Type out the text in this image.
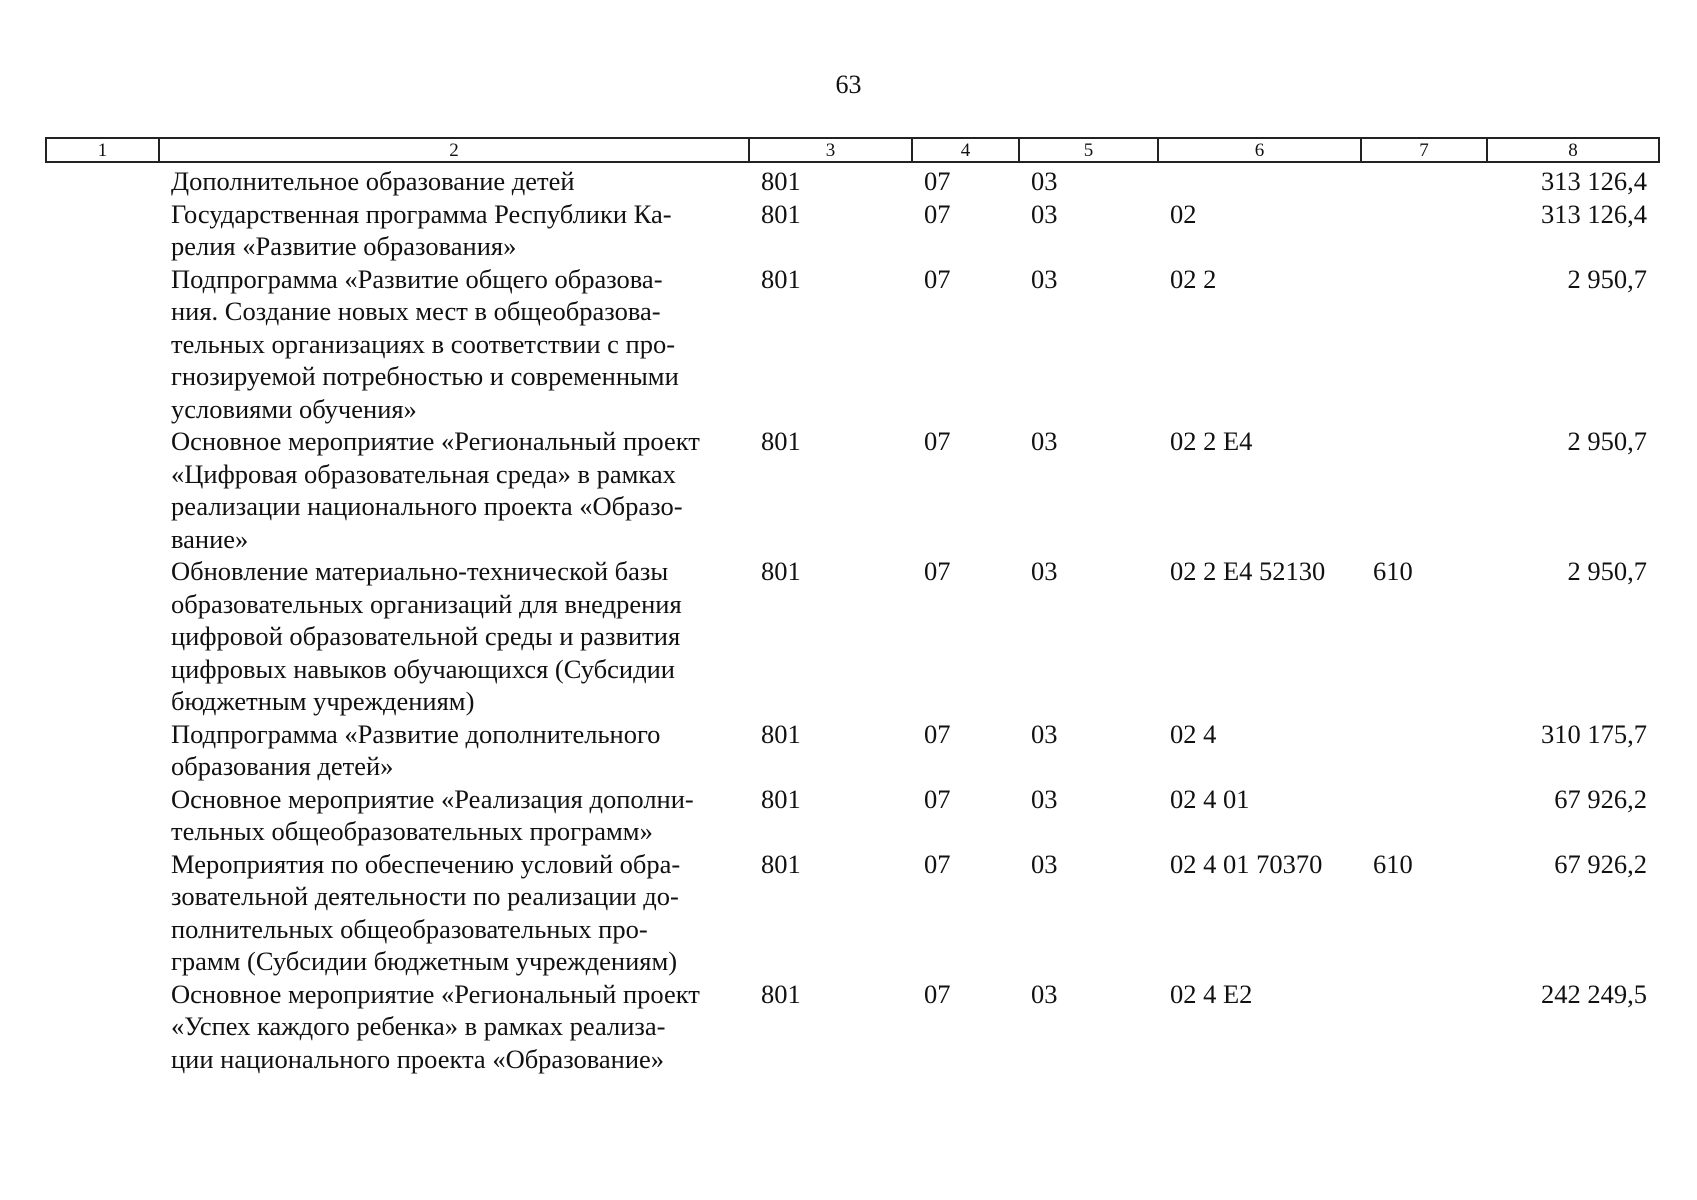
63
1	2	3	4	5	6	7	8
	Дополнительное образование детей	801	07	03			313 126,4
	Государственная программа Республики Ка-
релия «Развитие образования»	801	07	03	02		313 126,4
	Подпрограмма «Развитие общего образова-
ния. Создание новых мест в общеобразова-
тельных организациях в соответствии с про-
гнозируемой потребностью и современными
условиями обучения»	801	07	03	02 2		2 950,7
	Основное мероприятие «Региональный проект
«Цифровая образовательная среда» в рамках
реализации национального проекта «Образо-
вание»	801	07	03	02 2 E4		2 950,7
	Обновление материально-технической базы
образовательных организаций для внедрения
цифровой образовательной среды и развития
цифровых навыков обучающихся (Субсидии
бюджетным учреждениям)	801	07	03	02 2 E4 52130	610	2 950,7
	Подпрограмма «Развитие дополнительного
образования детей»	801	07	03	02 4		310 175,7
	Основное мероприятие «Реализация дополни-
тельных общеобразовательных программ»	801	07	03	02 4 01		67 926,2
	Мероприятия по обеспечению условий обра-
зовательной деятельности по реализации до-
полнительных общеобразовательных про-
грамм (Субсидии бюджетным учреждениям)	801	07	03	02 4 01 70370	610	67 926,2
	Основное мероприятие «Региональный проект
«Успех каждого ребенка» в рамках реализа-
ции национального проекта «Образование»	801	07	03	02 4 E2		242 249,5
